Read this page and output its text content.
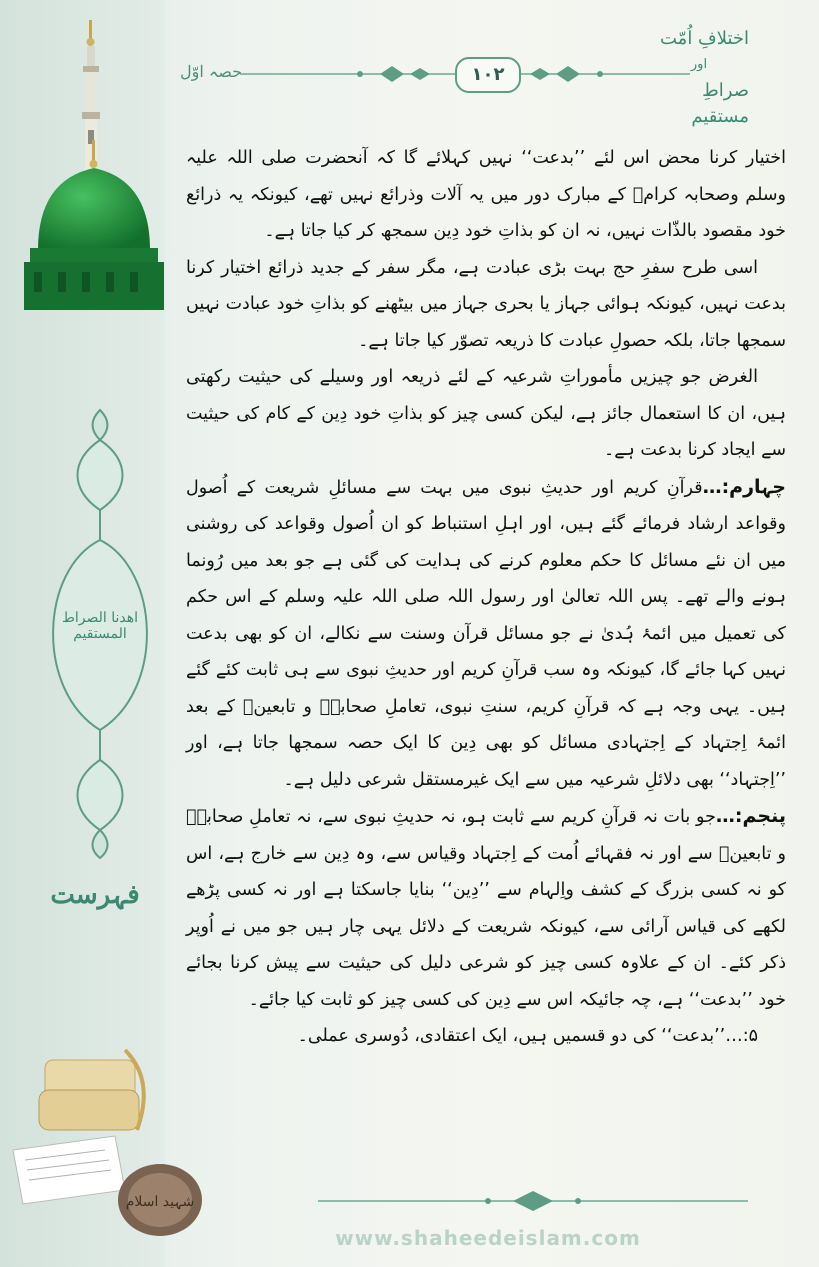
اختلافِ اُمّت
اور
صراطِ مستقیم
حصہ اوّل	۱۰۲
اھدنا الصراط المستقیم
فہرست
شہید اسلام

اختیار کرنا محض اس لئے ’’بدعت‘‘ نہیں کہلائے گا کہ آنحضرت صلی اللہ علیہ وسلم وصحابہ کرامؓ کے مبارک دور میں یہ آلات وذرائع نہیں تھے، کیونکہ یہ ذرائع خود مقصود بالذّات نہیں، نہ ان کو بذاتِ خود دِین سمجھ کر کیا جاتا ہے۔

اسی طرح سفرِ حج بہت بڑی عبادت ہے، مگر سفر کے جدید ذرائع اختیار کرنا بدعت نہیں، کیونکہ ہوائی جہاز یا بحری جہاز میں بیٹھنے کو بذاتِ خود عبادت نہیں سمجھا جاتا، بلکہ حصولِ عبادت کا ذریعہ تصوّر کیا جاتا ہے۔

الغرض جو چیزیں مأموراتِ شرعیہ کے لئے ذریعہ اور وسیلے کی حیثیت رکھتی ہیں، ان کا استعمال جائز ہے، لیکن کسی چیز کو بذاتِ خود دِین کے کام کی حیثیت سے ایجاد کرنا بدعت ہے۔

چہارم:…قرآنِ کریم اور حدیثِ نبوی میں بہت سے مسائلِ شریعت کے اُصول وقواعد ارشاد فرمائے گئے ہیں، اور اہلِ استنباط کو ان اُصول وقواعد کی روشنی میں ان نئے مسائل کا حکم معلوم کرنے کی ہدایت کی گئی ہے جو بعد میں رُونما ہونے والے تھے۔ پس اللہ تعالیٰ اور رسول اللہ صلی اللہ علیہ وسلم کے اس حکم کی تعمیل میں ائمۂ ہُدیٰ نے جو مسائل قرآن وسنت سے نکالے، ان کو بھی بدعت نہیں کہا جائے گا، کیونکہ وہ سب قرآنِ کریم اور حدیثِ نبوی سے ہی ثابت کئے گئے ہیں۔ یہی وجہ ہے کہ قرآنِ کریم، سنتِ نبوی، تعاملِ صحابہؓ و تابعینؒ کے بعد ائمۂ اِجتہاد کے اِجتہادی مسائل کو بھی دِین کا ایک حصہ سمجھا جاتا ہے، اور ’’اِجتہاد‘‘ بھی دلائلِ شرعیہ میں سے ایک غیرمستقل شرعی دلیل ہے۔

پنجم:…جو بات نہ قرآنِ کریم سے ثابت ہو، نہ حدیثِ نبوی سے، نہ تعاملِ صحابہؓ و تابعینؒ سے اور نہ فقہائے اُمت کے اِجتہاد وقیاس سے، وہ دِین سے خارج ہے، اس کو نہ کسی بزرگ کے کشف واِلہام سے ’’دِین‘‘ بنایا جاسکتا ہے اور نہ کسی پڑھے لکھے کی قیاس آرائی سے، کیونکہ شریعت کے دلائل یہی چار ہیں جو میں نے اُوپر ذکر کئے۔ ان کے علاوہ کسی چیز کو شرعی دلیل کی حیثیت سے پیش کرنا بجائے خود ’’بدعت‘‘ ہے، چہ جائیکہ اس سے دِین کی کسی چیز کو ثابت کیا جائے۔

۵:…’’بدعت‘‘ کی دو قسمیں ہیں، ایک اعتقادی، دُوسری عملی۔

www.shaheedeislam.com
